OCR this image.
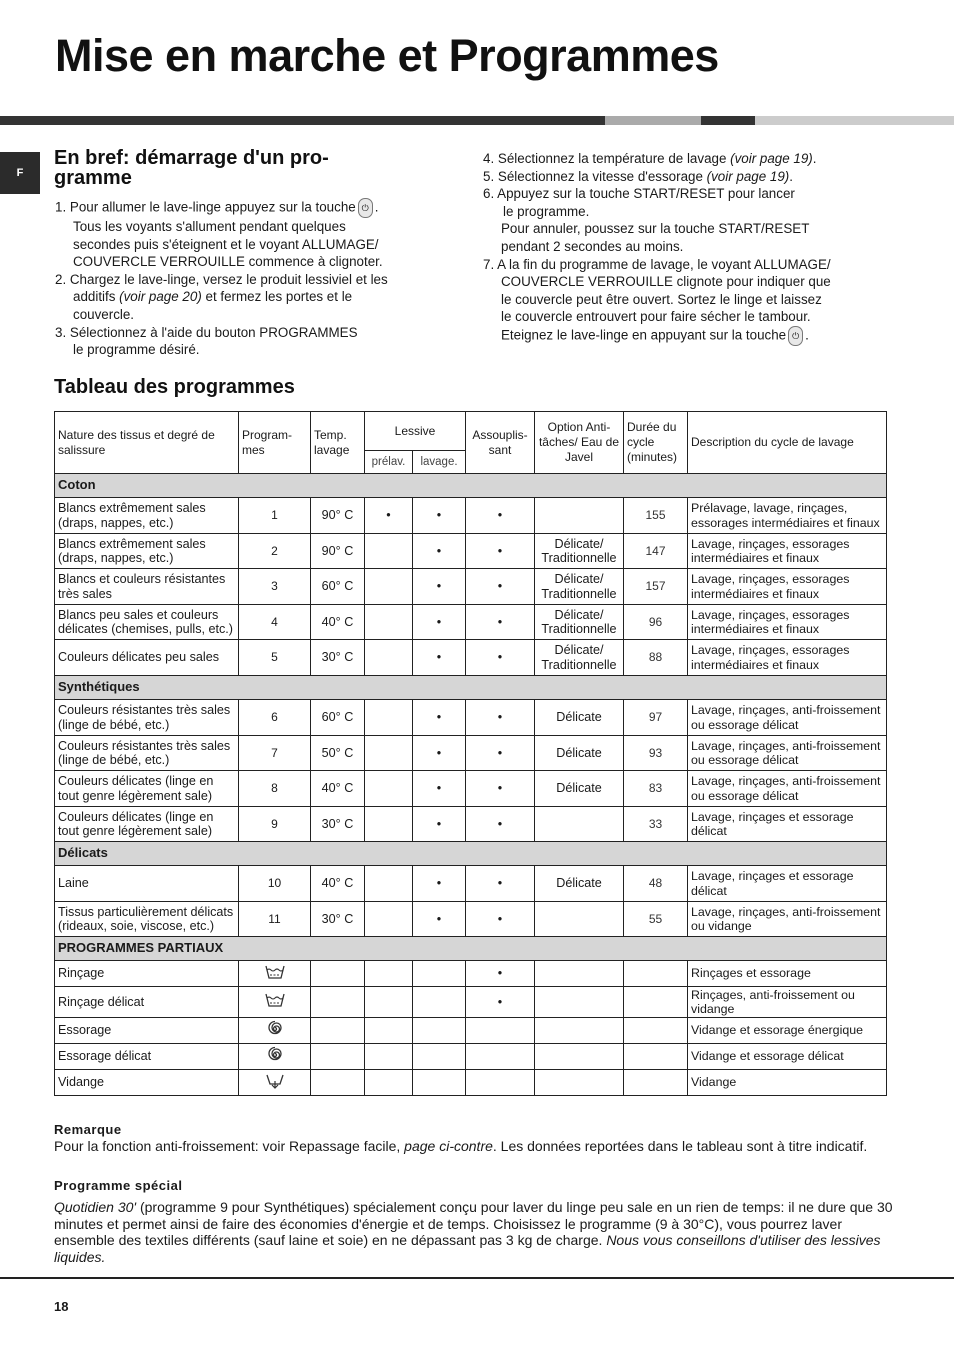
Mise en marche et Programmes
F
En bref: démarrage d'un pro-
gramme
1. Pour allumer le lave-linge appuyez sur la touche ⏻ .
Tous les voyants s'allument pendant quelques
secondes puis s'éteignent et le voyant ALLUMAGE/
COUVERCLE VERROUILLE commence à clignoter.
2. Chargez le lave-linge, versez le produit lessiviel et les
additifs (voir page 20) et fermez les portes et le
couvercle.
3. Sélectionnez à l'aide du bouton PROGRAMMES
le programme désiré.
4. Sélectionnez la température de lavage (voir page 19).
5. Sélectionnez la vitesse d'essorage (voir page 19).
6. Appuyez sur la touche START/RESET pour lancer
le programme.
Pour annuler, poussez sur la touche START/RESET
pendant 2 secondes au moins.
7. A la fin du programme de lavage, le voyant ALLUMAGE/
COUVERCLE VERROUILLE clignote pour indiquer que
le couvercle peut être ouvert. Sortez le linge et laissez
le couvercle entrouvert pour faire sécher le tambour.
Eteignez le lave-linge en appuyant sur la touche ⏻ .
Tableau des programmes
Nature des tissus et degré de salissure	Program-mes	Temp. lavage	Lessive		Assouplis-sant	Option Anti-tâches/ Eau de Javel	Durée du cycle (minutes)	Description du cycle de lavage
			prélav.	lavage.				
Coton								
Blancs extrêmement sales (draps, nappes, etc.)	1	90° C	•	•	•		155	Prélavage, lavage, rinçages, essorages intermédiaires et finaux
Blancs extrêmement sales (draps, nappes, etc.)	2	90° C		•	•	Délicate/ Traditionnelle	147	Lavage, rinçages, essorages intermédiaires et finaux
Blancs et couleurs résistantes très sales	3	60° C		•	•	Délicate/ Traditionnelle	157	Lavage, rinçages, essorages intermédiaires et finaux
Blancs peu sales et couleurs délicates (chemises, pulls, etc.)	4	40° C		•	•	Délicate/ Traditionnelle	96	Lavage, rinçages, essorages intermédiaires et finaux
Couleurs délicates peu sales	5	30° C		•	•	Délicate/ Traditionnelle	88	Lavage, rinçages, essorages intermédiaires et finaux
Synthétiques								
Couleurs résistantes très sales (linge de bébé, etc.)	6	60° C		•	•	Délicate	97	Lavage, rinçages, anti-froissement ou essorage délicat
Couleurs résistantes très sales (linge de bébé, etc.)	7	50° C		•	•	Délicate	93	Lavage, rinçages, anti-froissement ou essorage délicat
Couleurs délicates (linge en tout genre légèrement sale)	8	40° C		•	•	Délicate	83	Lavage, rinçages, anti-froissement ou essorage délicat
Couleurs délicates (linge en tout genre légèrement sale)	9	30° C		•	•		33	Lavage, rinçages et essorage délicat
Délicats								
Laine	10	40° C		•	•	Délicate	48	Lavage, rinçages et essorage délicat
Tissus particulièrement délicats (rideaux, soie, viscose, etc.)	11	30° C		•	•		55	Lavage, rinçages, anti-froissement ou vidange
PROGRAMMES PARTIAUX								
Rinçage					•			Rinçages et essorage
Rinçage délicat					•			Rinçages, anti-froissement ou vidange
Essorage								Vidange et essorage énergique
Essorage délicat								Vidange et essorage délicat
Vidange								Vidange
Remarque
Pour la fonction anti-froissement: voir Repassage facile, page ci-contre. Les données reportées dans le tableau sont à titre indicatif.
Programme spécial
Quotidien 30' (programme 9 pour Synthétiques) spécialement conçu pour laver du linge peu sale en un rien de temps: il ne dure que 30 minutes et permet ainsi de faire des économies d'énergie et de temps. Choisissez le programme (9 à 30°C), vous pourrez laver ensemble des textiles différents (sauf laine et soie) en ne dépassant pas 3 kg de charge. Nous vous conseillons d'utiliser des lessives liquides.
18
